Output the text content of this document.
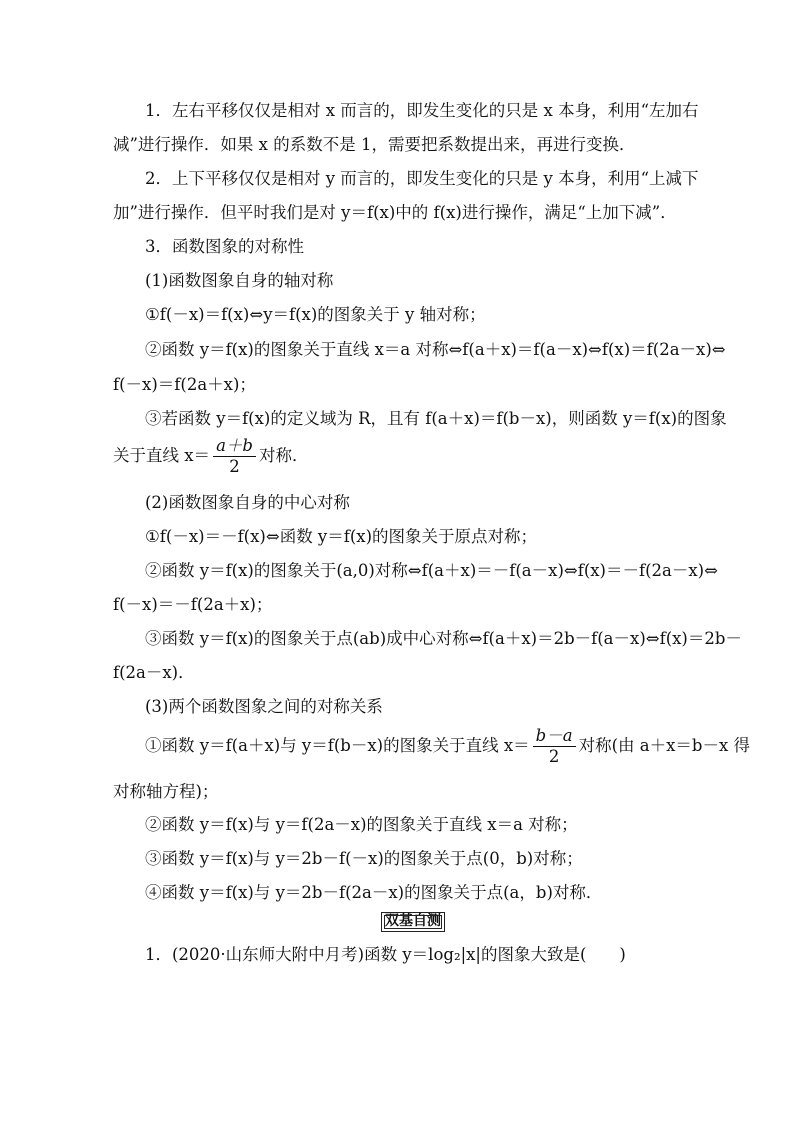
1．左右平移仅仅是相对 x 而言的，即发生变化的只是 x 本身，利用“左加右
减”进行操作．如果 x 的系数不是 1，需要把系数提出来，再进行变换．
2．上下平移仅仅是相对 y 而言的，即发生变化的只是 y 本身，利用“上减下
加”进行操作．但平时我们是对 y＝f(x)中的 f(x)进行操作，满足“上加下减”．
3．函数图象的对称性
(1)函数图象自身的轴对称
①f(－x)＝f(x)⇔y＝f(x)的图象关于 y 轴对称；
②函数 y＝f(x)的图象关于直线 x＝a 对称⇔f(a＋x)＝f(a－x)⇔f(x)＝f(2a－x)⇔
f(－x)＝f(2a＋x)；
③若函数 y＝f(x)的定义域为 R，且有 f(a＋x)＝f(b－x)，则函数 y＝f(x)的图象
关于直线 $x= \frac{a+b}{2}$ 对称．
(2)函数图象自身的中心对称
①f(－x)＝－f(x)⇔函数 y＝f(x)的图象关于原点对称；
②函数 y＝f(x)的图象关于(a,0)对称⇔f(a＋x)＝－f(a－x)⇔f(x)＝－f(2a－x)⇔
f(－x)＝－f(2a＋x)；
③函数 y＝f(x)的图象关于点(ab)成中心对称⇔f(a＋x)＝2b－f(a－x)⇔f(x)＝2b－
f(2a－x)．
(3)两个函数图象之间的对称关系
①函数 y＝f(a＋x)与 y＝f(b－x)的图象关于直线 $x= \frac{b-a}{2}$ 对称(由 a＋x＝b－x 得
对称轴方程)；
②函数 y＝f(x)与 y＝f(2a－x)的图象关于直线 x＝a 对称；
③函数 y＝f(x)与 y＝2b－f(－x)的图象关于点(0，b)对称；
④函数 y＝f(x)与 y＝2b－f(2a－x)的图象关于点(a，b)对称．
双基自测
1．(2020·山东师大附中月考)函数 y＝log₂|x|的图象大致是(　　)
